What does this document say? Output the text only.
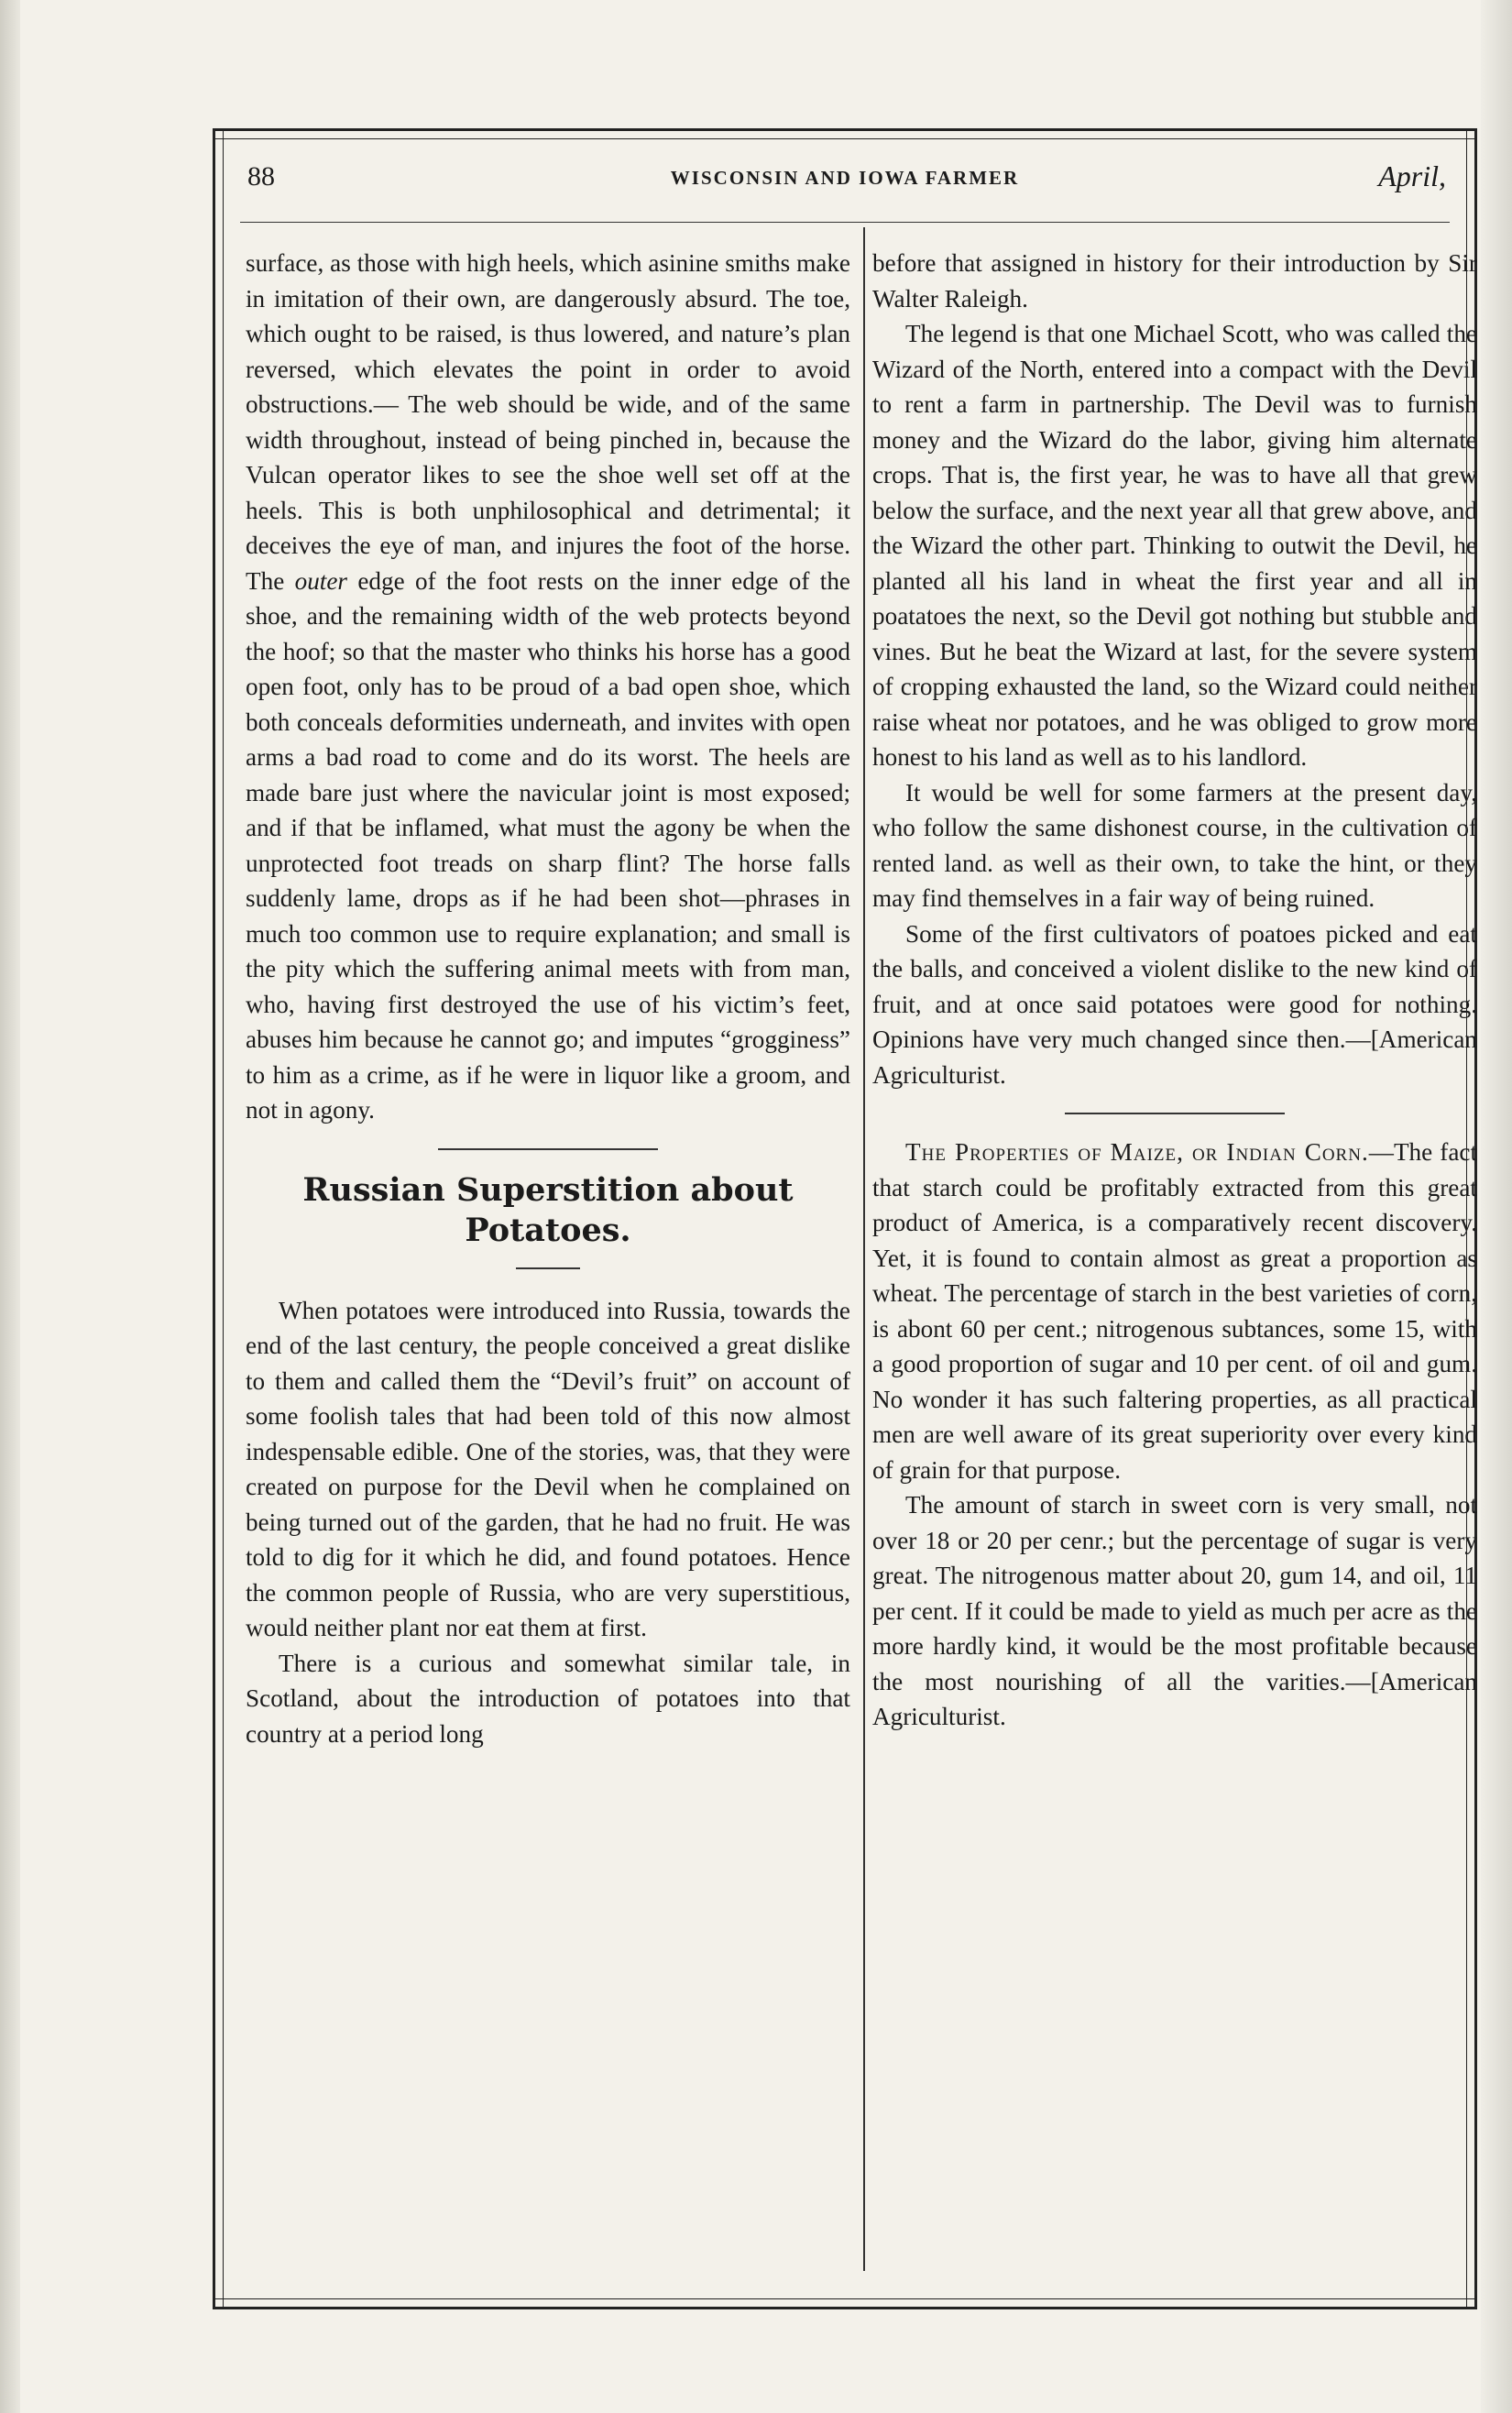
88	WISCONSIN AND IOWA FARMER	April,

surface, as those with high heels, which asinine smiths make in imitation of their own, are dangerously absurd. The toe, which ought to be raised, is thus lowered, and nature’s plan reversed, which elevates the point in order to avoid obstructions.— The web should be wide, and of the same width throughout, instead of being pinched in, because the Vulcan operator likes to see the shoe well set off at the heels. This is both unphilosophical and detrimental; it deceives the eye of man, and injures the foot of the horse. The outer edge of the foot rests on the inner edge of the shoe, and the remaining width of the web protects beyond the hoof; so that the master who thinks his horse has a good open foot, only has to be proud of a bad open shoe, which both conceals deformities underneath, and invites with open arms a bad road to come and do its worst. The heels are made bare just where the navicular joint is most exposed; and if that be inflamed, what must the agony be when the unprotected foot treads on sharp flint? The horse falls suddenly lame, drops as if he had been shot—phrases in much too common use to require explanation; and small is the pity which the suffering animal meets with from man, who, having first destroyed the use of his victim’s feet, abuses him because he cannot go; and imputes “grogginess” to him as a crime, as if he were in liquor like a groom, and not in agony.

Russian Superstition about Potatoes.

When potatoes were introduced into Russia, towards the end of the last century, the people conceived a great dislike to them and called them the “Devil’s fruit” on account of some foolish tales that had been told of this now almost indespensable edible. One of the stories, was, that they were created on purpose for the Devil when he complained on being turned out of the garden, that he had no fruit. He was told to dig for it which he did, and found potatoes. Hence the common people of Russia, who are very superstitious, would neither plant nor eat them at first.

There is a curious and somewhat similar tale, in Scotland, about the introduction of potatoes into that country at a period long

before that assigned in history for their introduction by Sir Walter Raleigh.

The legend is that one Michael Scott, who was called the Wizard of the North, entered into a compact with the Devil to rent a farm in partnership. The Devil was to furnish money and the Wizard do the labor, giving him alternate crops. That is, the first year, he was to have all that grew below the surface, and the next year all that grew above, and the Wizard the other part. Thinking to outwit the Devil, he planted all his land in wheat the first year and all in poatatoes the next, so the Devil got nothing but stubble and vines. But he beat the Wizard at last, for the severe system of cropping exhausted the land, so the Wizard could neither raise wheat nor potatoes, and he was obliged to grow more honest to his land as well as to his landlord.

It would be well for some farmers at the present day, who follow the same dishonest course, in the cultivation of rented land. as well as their own, to take the hint, or they may find themselves in a fair way of being ruined.

Some of the first cultivators of poatoes picked and eat the balls, and conceived a violent dislike to the new kind of fruit, and at once said potatoes were good for nothing. Opinions have very much changed since then.—[American Agriculturist.

The Properties of Maize, or Indian Corn.—The fact that starch could be profitably extracted from this great product of America, is a comparatively recent discovery. Yet, it is found to contain almost as great a proportion as wheat. The percentage of starch in the best varieties of corn, is abont 60 per cent.; nitrogenous subtances, some 15, with a good proportion of sugar and 10 per cent. of oil and gum. No wonder it has such faltering properties, as all practical men are well aware of its great superiority over every kind of grain for that purpose.

The amount of starch in sweet corn is very small, not over 18 or 20 per cenr.; but the percentage of sugar is very great. The nitrogenous matter about 20, gum 14, and oil, 11 per cent. If it could be made to yield as much per acre as the more hardly kind, it would be the most profitable because the most nourishing of all the varities.—[American Agriculturist.
